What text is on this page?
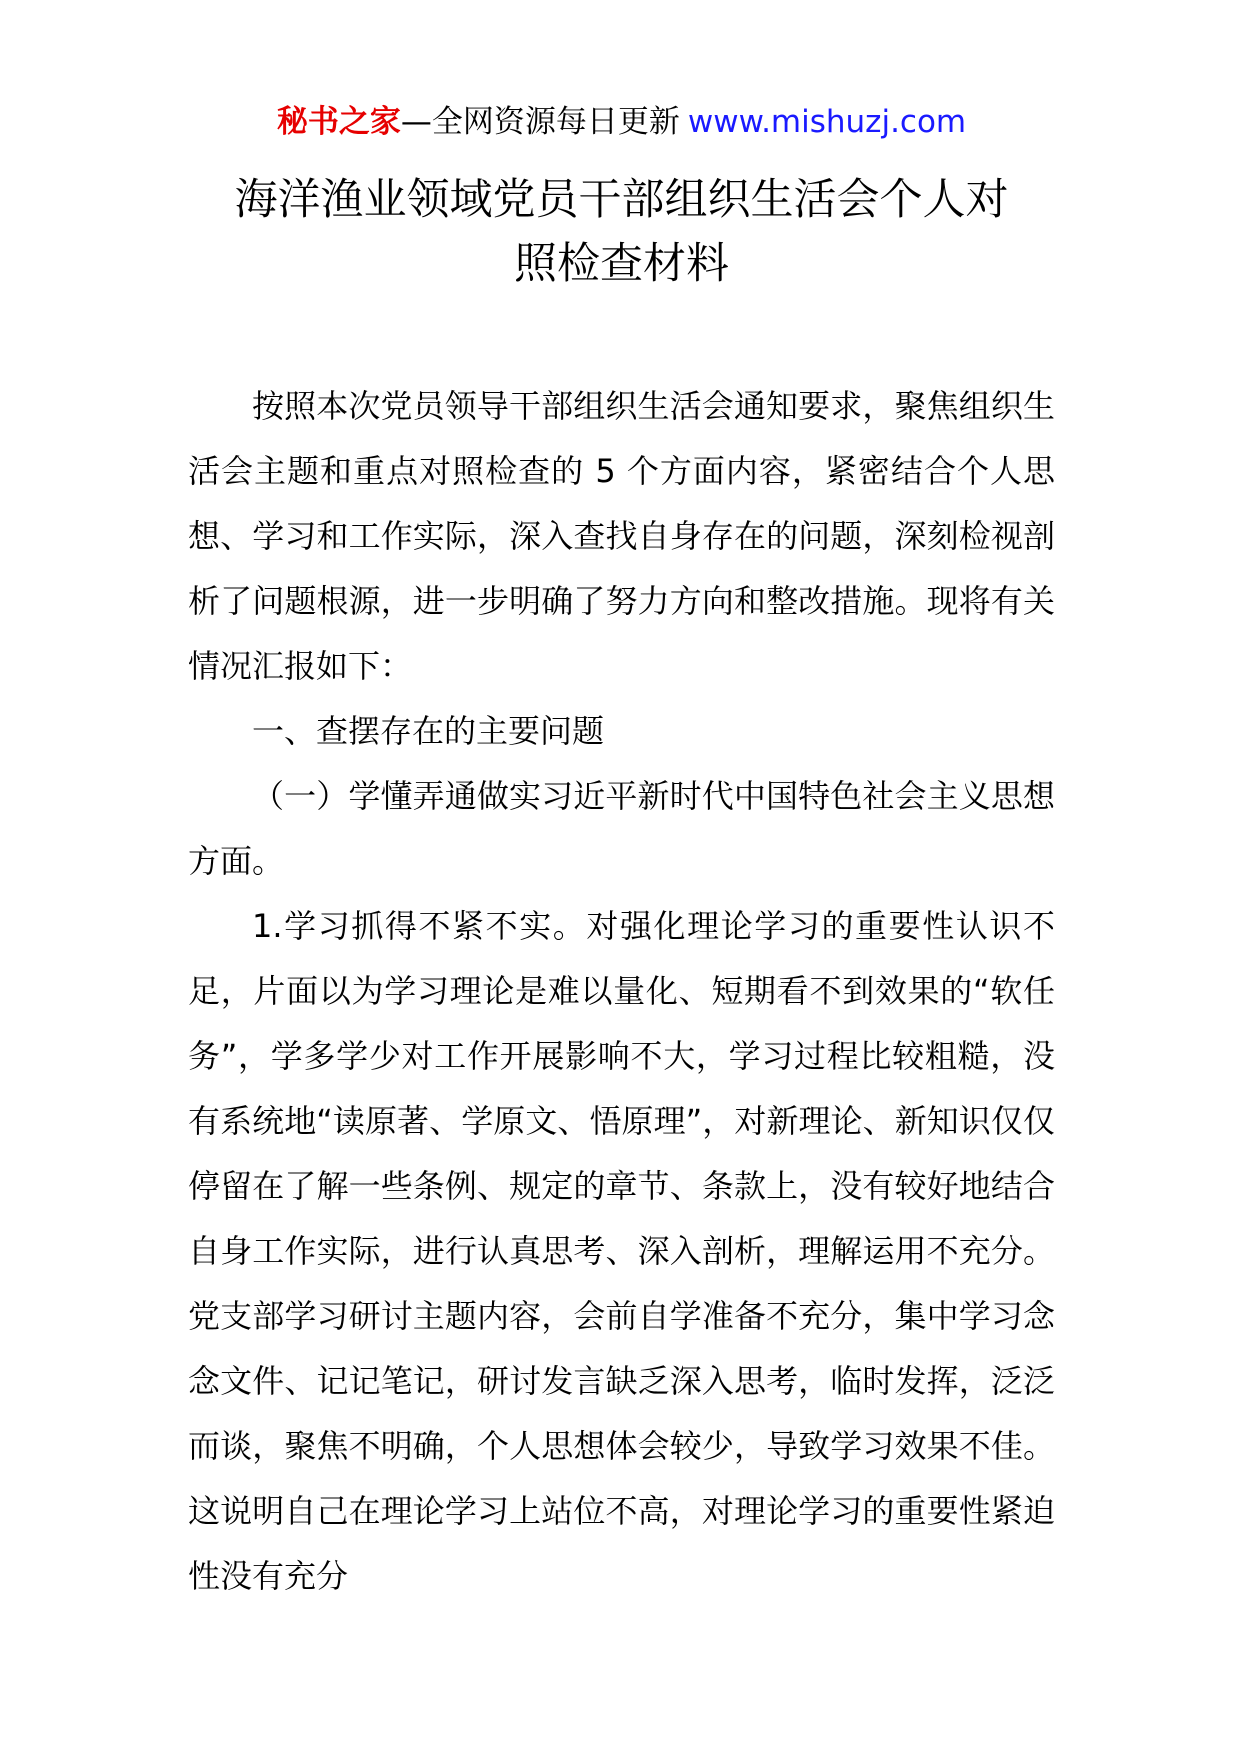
秘书之家—全网资源每日更新 www.mishuzj.com
海洋渔业领域党员干部组织生活会个人对
照检查材料

按照本次党员领导干部组织生活会通知要求，聚焦组织生活会主题和重点对照检查的 5 个方面内容，紧密结合个人思想、学习和工作实际，深入查找自身存在的问题，深刻检视剖析了问题根源，进一步明确了努力方向和整改措施。现将有关情况汇报如下：

一、查摆存在的主要问题

（一）学懂弄通做实习近平新时代中国特色社会主义思想方面。

1.学习抓得不紧不实。对强化理论学习的重要性认识不足，片面以为学习理论是难以量化、短期看不到效果的“软任务”，学多学少对工作开展影响不大，学习过程比较粗糙，没有系统地“读原著、学原文、悟原理”，对新理论、新知识仅仅停留在了解一些条例、规定的章节、条款上，没有较好地结合自身工作实际，进行认真思考、深入剖析，理解运用不充分。党支部学习研讨主题内容，会前自学准备不充分，集中学习念念文件、记记笔记，研讨发言缺乏深入思考，临时发挥，泛泛而谈，聚焦不明确，个人思想体会较少，导致学习效果不佳。这说明自己在理论学习上站位不高，对理论学习的重要性紧迫性没有充分
